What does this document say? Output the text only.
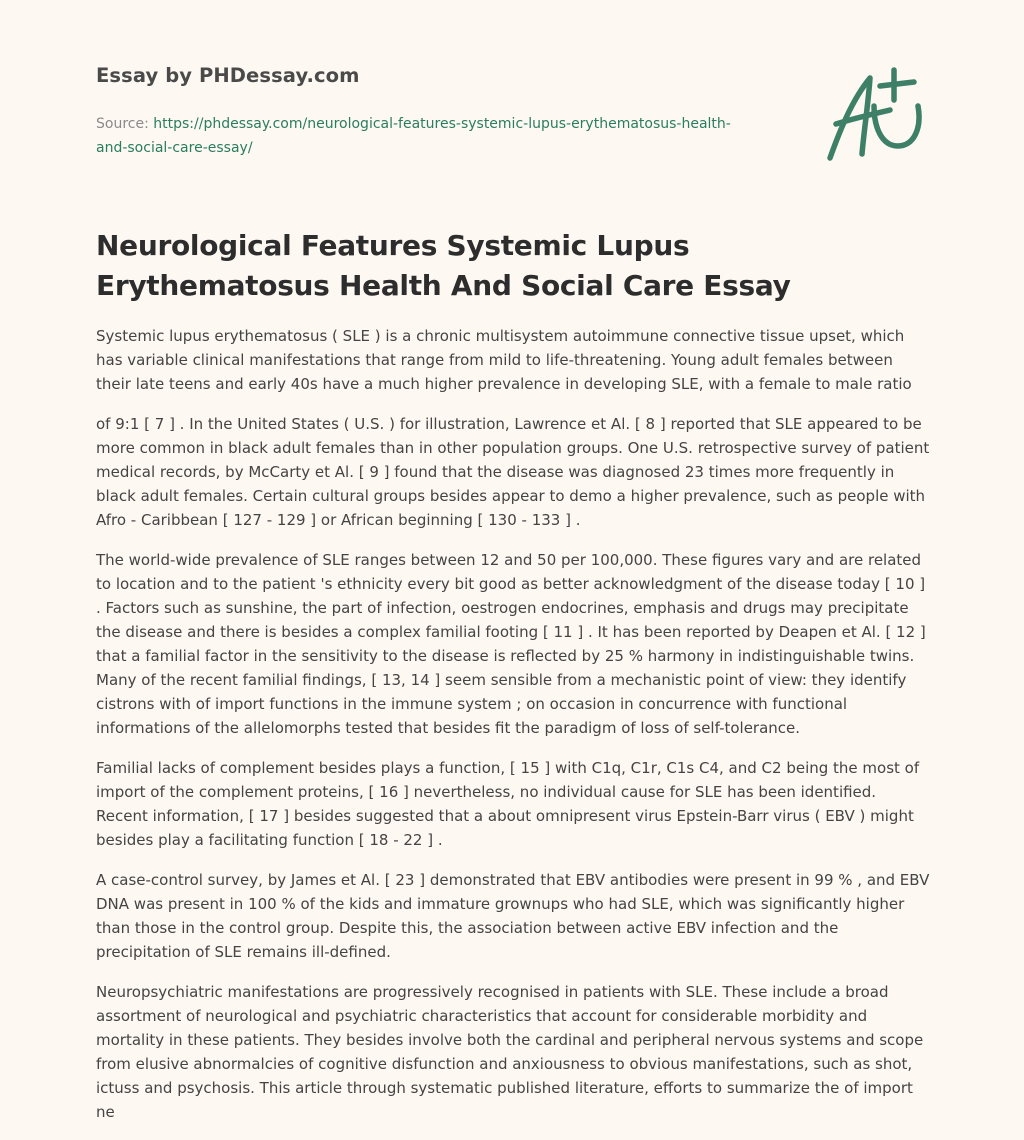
Essay by PHDessay.com
Source: https://phdessay.com/neurological-features-systemic-lupus-erythematosus-health-and-social-care-essay/
Neurological Features Systemic Lupus Erythematosus Health And Social Care Essay

Systemic lupus erythematosus ( SLE ) is a chronic multisystem autoimmune connective tissue upset, which has variable clinical manifestations that range from mild to life-threatening. Young adult females between their late teens and early 40s have a much higher prevalence in developing SLE, with a female to male ratio

of 9:1 [ 7 ] . In the United States ( U.S. ) for illustration, Lawrence et Al. [ 8 ] reported that SLE appeared to be more common in black adult females than in other population groups. One U.S. retrospective survey of patient medical records, by McCarty et Al. [ 9 ] found that the disease was diagnosed 23 times more frequently in black adult females. Certain cultural groups besides appear to demo a higher prevalence, such as people with Afro - Caribbean [ 127 - 129 ] or African beginning [ 130 - 133 ] .

The world-wide prevalence of SLE ranges between 12 and 50 per 100,000. These figures vary and are related to location and to the patient 's ethnicity every bit good as better acknowledgment of the disease today [ 10 ] . Factors such as sunshine, the part of infection, oestrogen endocrines, emphasis and drugs may precipitate the disease and there is besides a complex familial footing [ 11 ] . It has been reported by Deapen et Al. [ 12 ] that a familial factor in the sensitivity to the disease is reflected by 25 % harmony in indistinguishable twins. Many of the recent familial findings, [ 13, 14 ] seem sensible from a mechanistic point of view: they identify cistrons with of import functions in the immune system ; on occasion in concurrence with functional informations of the allelomorphs tested that besides fit the paradigm of loss of self-tolerance.

Familial lacks of complement besides plays a function, [ 15 ] with C1q, C1r, C1s C4, and C2 being the most of import of the complement proteins, [ 16 ] nevertheless, no individual cause for SLE has been identified. Recent information, [ 17 ] besides suggested that a about omnipresent virus Epstein-Barr virus ( EBV ) might besides play a facilitating function [ 18 - 22 ] .

A case-control survey, by James et Al. [ 23 ] demonstrated that EBV antibodies were present in 99 % , and EBV DNA was present in 100 % of the kids and immature grownups who had SLE, which was significantly higher than those in the control group. Despite this, the association between active EBV infection and the precipitation of SLE remains ill-defined.

Neuropsychiatric manifestations are progressively recognised in patients with SLE. These include a broad assortment of neurological and psychiatric characteristics that account for considerable morbidity and mortality in these patients. They besides involve both the cardinal and peripheral nervous systems and scope from elusive abnormalcies of cognitive disfunction and anxiousness to obvious manifestations, such as shot, ictuss and psychosis. This article through systematic published literature, efforts to summarize the of import ne
